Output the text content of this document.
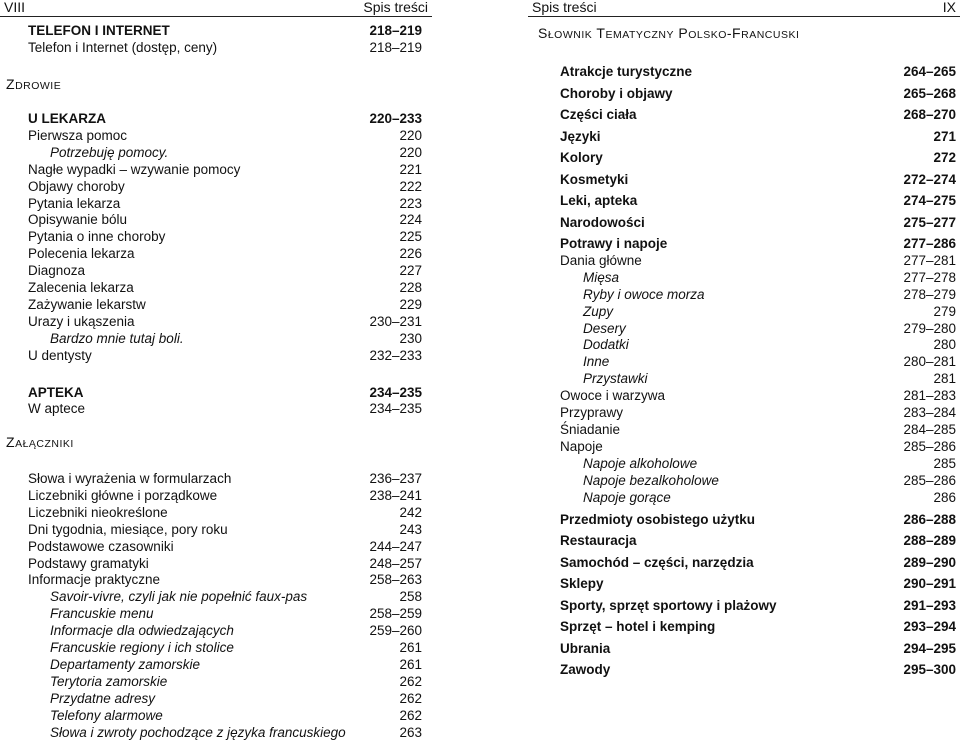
VIII	Spis treści
TELEFON I INTERNET	218–219
Telefon i Internet (dostęp, ceny)	218–219
ZDROWIE
U LEKARZA	220–233
Pierwsza pomoc	220
Potrzebuję pomocy.	220
Nagłe wypadki – wzywanie pomocy	221
Objawy choroby	222
Pytania lekarza	223
Opisywanie bólu	224
Pytania o inne choroby	225
Polecenia lekarza	226
Diagnoza	227
Zalecenia lekarza	228
Zażywanie lekarstw	229
Urazy i ukąszenia	230–231
Bardzo mnie tutaj boli.	230
U dentysty	232–233
APTEKA	234–235
W aptece	234–235
ZAŁĄCZNIKI
Słowa i wyrażenia w formularzach	236–237
Liczebniki główne i porządkowe	238–241
Liczebniki nieokreślone	242
Dni tygodnia, miesiące, pory roku	243
Podstawowe czasowniki	244–247
Podstawy gramatyki	248–257
Informacje praktyczne	258–263
Savoir-vivre, czyli jak nie popełnić faux-pas	258
Francuskie menu	258–259
Informacje dla odwiedzających	259–260
Francuskie regiony i ich stolice	261
Departamenty zamorskie	261
Terytoria zamorskie	262
Przydatne adresy	262
Telefony alarmowe	262
Słowa i zwroty pochodzące z języka francuskiego	263
Spis treści	IX
SŁOWNIK TEMATYCZNY POLSKO-FRANCUSKI
Atrakcje turystyczne	264–265
Choroby i objawy	265–268
Części ciała	268–270
Języki	271
Kolory	272
Kosmetyki	272–274
Leki, apteka	274–275
Narodowości	275–277
Potrawy i napoje	277–286
Dania główne	277–281
Mięsa	277–278
Ryby i owoce morza	278–279
Zupy	279
Desery	279–280
Dodatki	280
Inne	280–281
Przystawki	281
Owoce i warzywa	281–283
Przyprawy	283–284
Śniadanie	284–285
Napoje	285–286
Napoje alkoholowe	285
Napoje bezalkoholowe	285–286
Napoje gorące	286
Przedmioty osobistego użytku	286–288
Restauracja	288–289
Samochód – części, narzędzia	289–290
Sklepy	290–291
Sporty, sprzęt sportowy i plażowy	291–293
Sprzęt – hotel i kemping	293–294
Ubrania	294–295
Zawody	295–300
